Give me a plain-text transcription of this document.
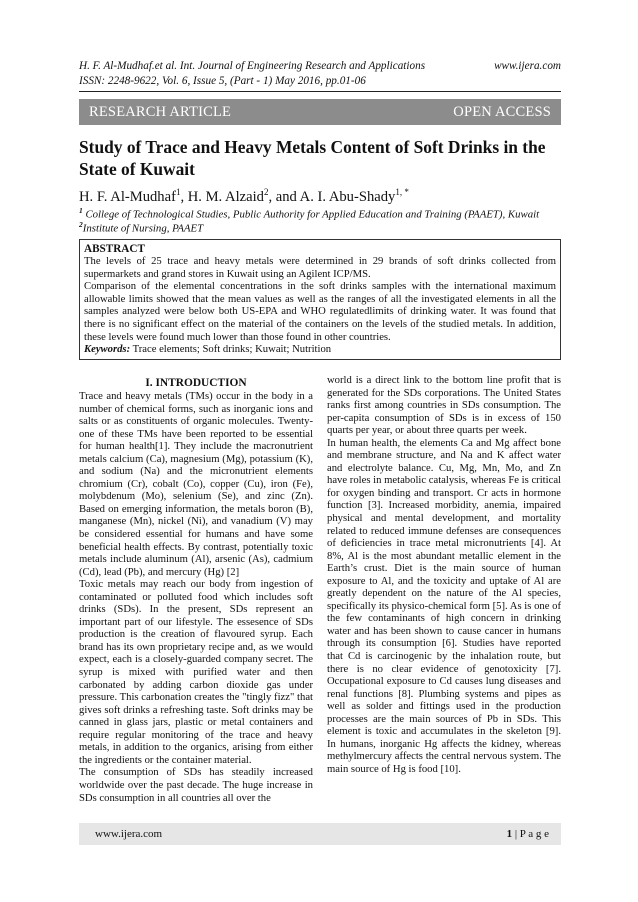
H. F. Al-Mudhaf.et al. Int. Journal of Engineering Research and Applications	www.ijera.com
ISSN: 2248-9622, Vol. 6, Issue 5, (Part - 1) May 2016, pp.01-06
RESEARCH ARTICLE	OPEN ACCESS
Study of Trace and Heavy Metals Content of Soft Drinks in the State of Kuwait
H. F. Al-Mudhaf$^1$, H. M. Alzaid$^2$, and A. I. Abu-Shady$^{1, *}$
$^1$ College of Technological Studies, Public Authority for Applied Education and Training (PAAET), Kuwait
$^2$Institute of Nursing, PAAET
ABSTRACT

The levels of 25 trace and heavy metals were determined in 29 brands of soft drinks collected from supermarkets and grand stores in Kuwait using an Agilent ICP/MS.

Comparison of the elemental concentrations in the soft drinks samples with the international maximum allowable limits showed that the mean values as well as the ranges of all the investigated elements in all the samples analyzed were below both US-EPA and WHO regulatedlimits of drinking water. It was found that there is no significant effect on the material of the containers on the levels of the studied metals. In addition, these levels were found much lower than those found in other countries.

Keywords: Trace elements; Soft drinks; Kuwait; Nutrition

I. INTRODUCTION

Trace and heavy metals (TMs) occur in the body in a number of chemical forms, such as inorganic ions and salts or as constituents of organic molecules. Twenty-one of these TMs have been reported to be essential for human health[1]. They include the macronutrient metals calcium (Ca), magnesium (Mg), potassium (K), and sodium (Na) and the micronutrient elements chromium (Cr), cobalt (Co), copper (Cu), iron (Fe), molybdenum (Mo), selenium (Se), and zinc (Zn). Based on emerging information, the metals boron (B), manganese (Mn), nickel (Ni), and vanadium (V) may be considered essential for humans and have some beneficial health effects. By contrast, potentially toxic metals include aluminum (Al), arsenic (As), cadmium (Cd), lead (Pb), and mercury (Hg) [2]

Toxic metals may reach our body from ingestion of contaminated or polluted food which includes soft drinks (SDs). In the present, SDs represent an important part of our lifestyle. The essesence of SDs production is the creation of flavoured syrup. Each brand has its own proprietary recipe and, as we would expect, each is a closely-guarded company secret. The syrup is mixed with purified water and then carbonated by adding carbon dioxide gas under pressure. This carbonation creates the "tingly fizz" that gives soft drinks a refreshing taste. Soft drinks may be canned in glass jars, plastic or metal containers and require regular monitoring of the trace and heavy metals, in addition to the organics, arising from either the ingredients or the container material.

The consumption of SDs has steadily increased worldwide over the past decade. The huge increase in SDs consumption in all countries all over the

world is a direct link to the bottom line profit that is generated for the SDs corporations. The United States ranks first among countries in SDs consumption. The per-capita consumption of SDs is in excess of 150 quarts per year, or about three quarts per week.

In human health, the elements Ca and Mg affect bone and membrane structure, and Na and K affect water and electrolyte balance. Cu, Mg, Mn, Mo, and Zn have roles in metabolic catalysis, whereas Fe is critical for oxygen binding and transport. Cr acts in hormone function [3]. Increased morbidity, anemia, impaired physical and mental development, and mortality related to reduced immune defenses are consequences of deficiencies in trace metal micronutrients [4]. At 8%, Al is the most abundant metallic element in the Earth’s crust. Diet is the main source of human exposure to Al, and the toxicity and uptake of Al are greatly dependent on the nature of the Al species, specifically its physico-chemical form [5]. As is one of the few contaminants of high concern in drinking water and has been shown to cause cancer in humans through its consumption [6]. Studies have reported that Cd is carcinogenic by the inhalation route, but there is no clear evidence of genotoxicity [7]. Occupational exposure to Cd causes lung diseases and renal functions [8]. Plumbing systems and pipes as well as solder and fittings used in the production processes are the main sources of Pb in SDs. This element is toxic and accumulates in the skeleton [9]. In humans, inorganic Hg affects the kidney, whereas methylmercury affects the central nervous system. The main source of Hg is food [10].

www.ijera.com	1 | P a g e
